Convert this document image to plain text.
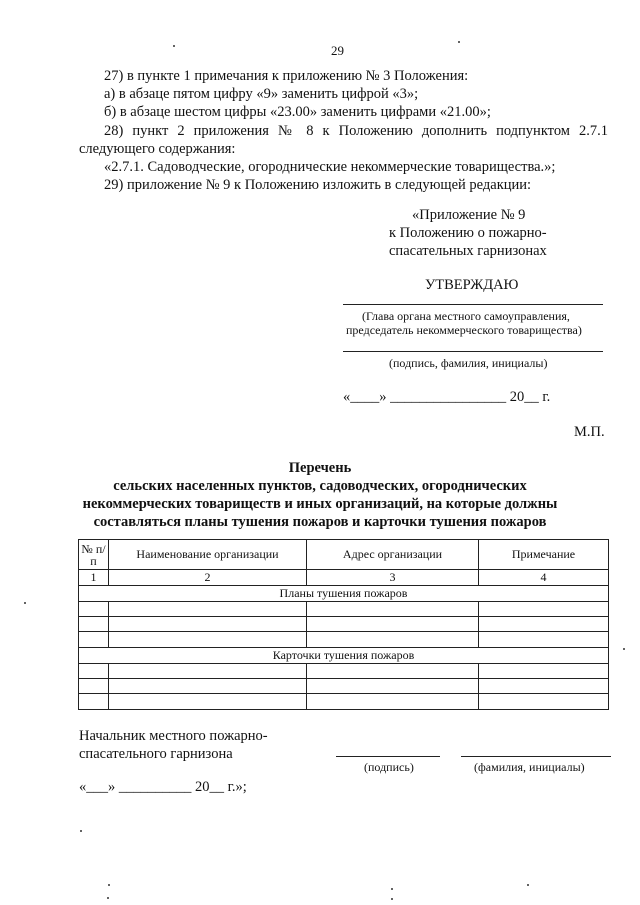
29
27) в пункте 1 примечания к приложению № 3 Положения:
а) в абзаце пятом цифру «9» заменить цифрой «3»;
б) в абзаце шестом цифры «23.00» заменить цифрами «21.00»;
28) пункт 2 приложения № 8 к Положению дополнить подпунктом 2.7.1
следующего содержания:
«2.7.1. Садоводческие, огороднические некоммерческие товарищества.»;
29) приложение № 9 к Положению изложить в следующей редакции:
«Приложение № 9
к Положению о пожарно-
спасательных гарнизонах
УТВЕРЖДАЮ
(Глава органа местного самоуправления,
председатель некоммерческого товарищества)
(подпись, фамилия, инициалы)
«____» ________________ 20__ г.
М.П.
Перечень
сельских населенных пунктов, садоводческих, огороднических
некоммерческих товариществ и иных организаций, на которые должны
составляться планы тушения пожаров и карточки тушения пожаров
№ п/п	Наименование организации	Адрес организации	Примечание
1	2	3	4
Планы тушения пожаров			

Карточки тушения пожаров			

Начальник местного пожарно-
спасательного гарнизона
(подпись)	(фамилия, инициалы)
«___» __________ 20__ г.»;
